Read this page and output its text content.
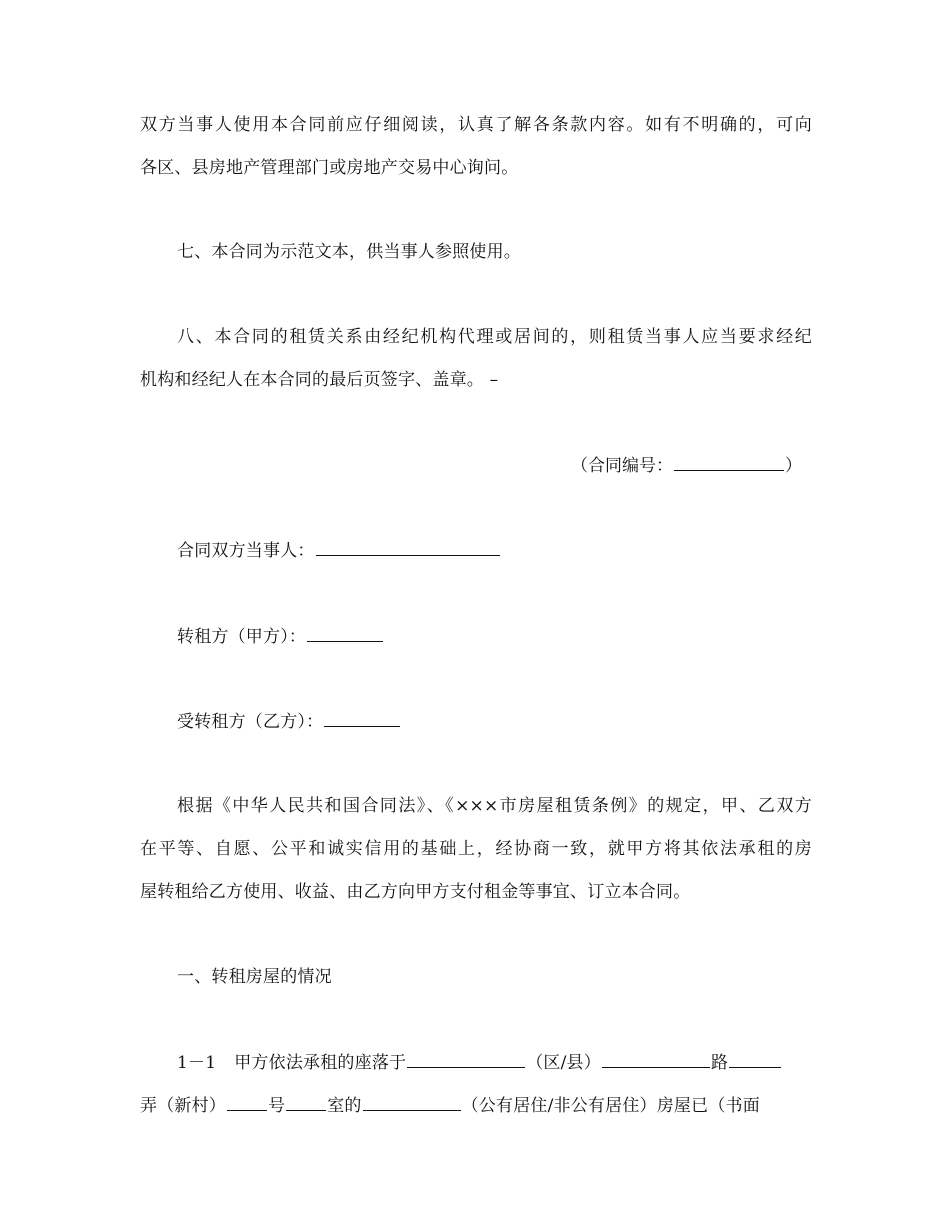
双方当事人使用本合同前应仔细阅读，认真了解各条款内容。如有不明确的，可向
各区、县房地产管理部门或房地产交易中心询问。
七、本合同为示范文本，供当事人参照使用。
八、本合同的租赁关系由经纪机构代理或居间的，则租赁当事人应当要求经纪
机构和经纪人在本合同的最后页签字、盖章。 –
（合同编号：	）
合同双方当事人：
转租方（甲方）：
受转租方（乙方）：
根据《中华人民共和国合同法》、《×××市房屋租赁条例》的规定，甲、乙双方
在平等、自愿、公平和诚实信用的基础上，经协商一致，就甲方将其依法承租的房
屋转租给乙方使用、收益、由乙方向甲方支付租金等事宜、订立本合同。
一、转租房屋的情况
1－1 甲方依法承租的座落于	（区/县）	路
弄（新村） 号 室的	（公有居住/非公有居住）房屋已（书面
